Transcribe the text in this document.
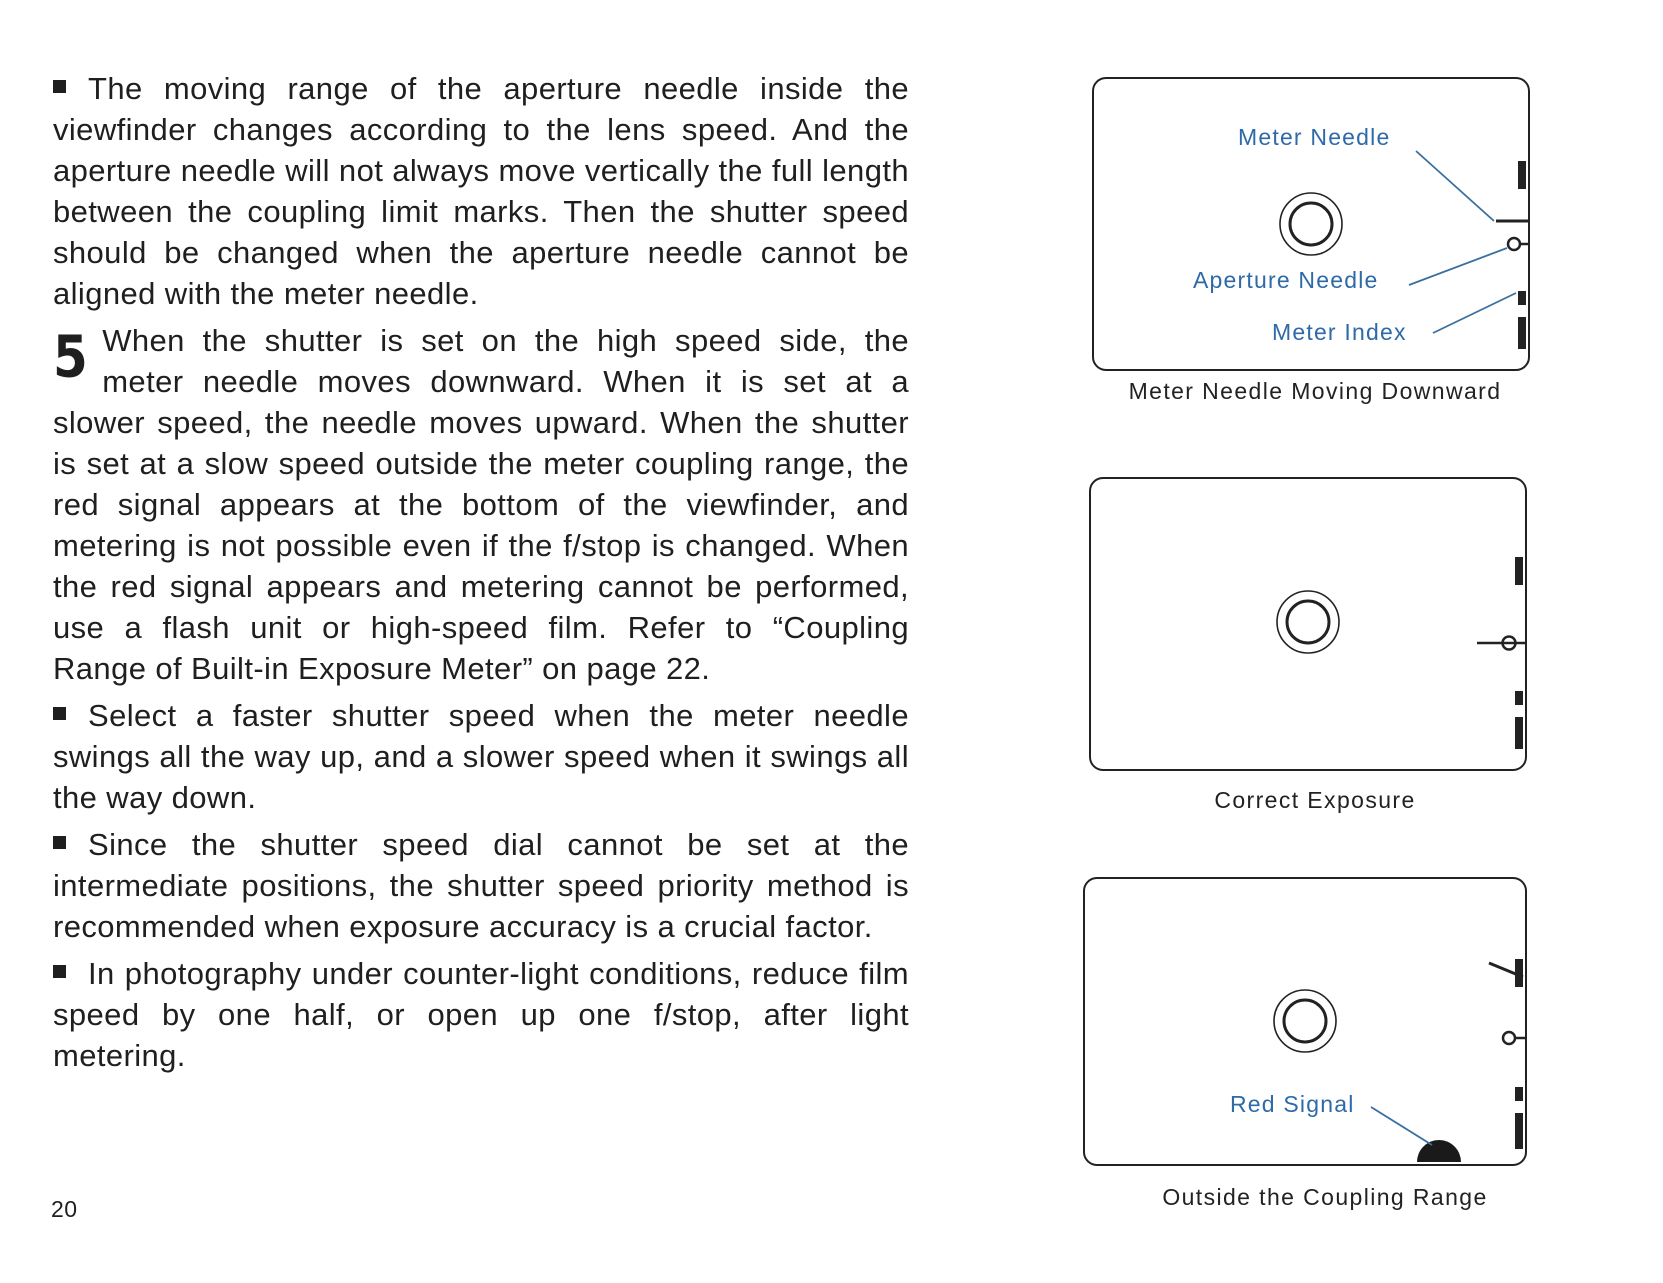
The moving range of the aperture needle inside the viewfinder changes according to the lens speed. And the aperture needle will not always move vertically the full length between the coupling limit marks. Then the shutter speed should be changed when the aperture needle cannot be aligned with the meter needle.

5 When the shutter is set on the high speed side, the meter needle moves downward. When it is set at a slower speed, the needle moves upward. When the shutter is set at a slow speed outside the meter coupling range, the red signal appears at the bottom of the viewfinder, and metering is not possible even if the f/stop is changed. When the red signal appears and metering cannot be performed, use a flash unit or high-speed film. Refer to “Coupling Range of Built-in Exposure Meter” on page 22.

Select a faster shutter speed when the meter needle swings all the way up, and a slower speed when it swings all the way down.

Since the shutter speed dial cannot be set at the intermediate positions, the shutter speed priority method is recommended when exposure accuracy is a crucial factor.

In photography under counter-light conditions, reduce film speed by one half, or open up one f/stop, after light metering.

20
Meter Needle
Aperture Needle
Meter Index
Meter Needle Moving Downward
Correct Exposure
Red Signal
Outside the Coupling Range
